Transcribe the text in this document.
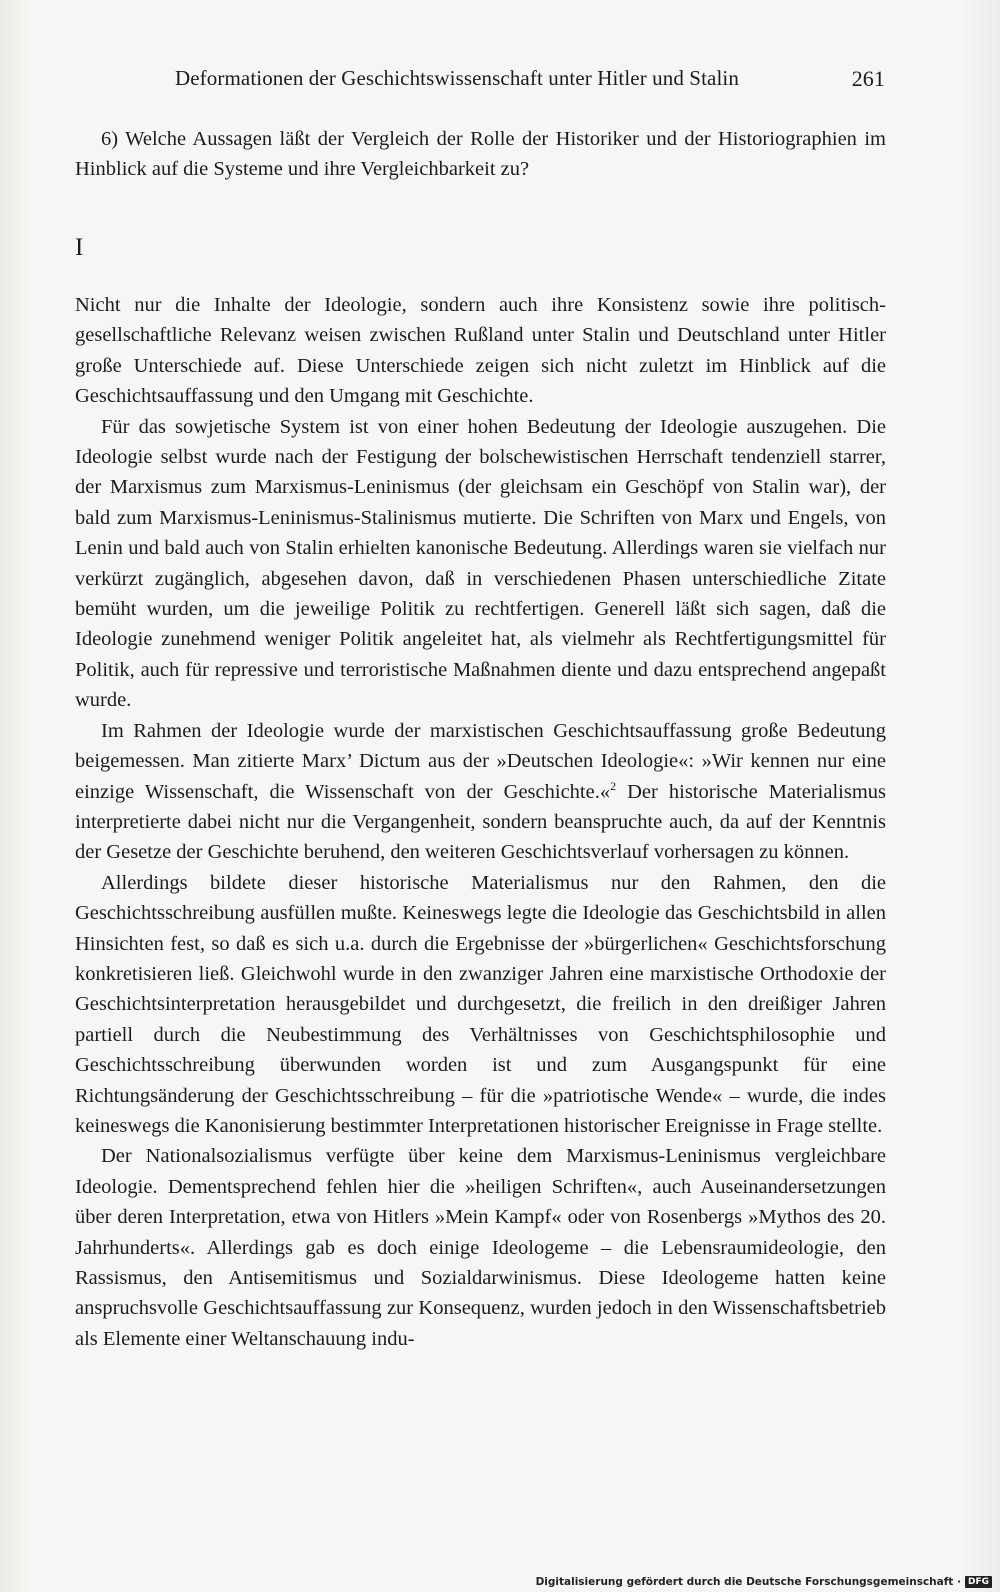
Deformationen der Geschichtswissenschaft unter Hitler und Stalin	261

6) Welche Aussagen läßt der Vergleich der Rolle der Historiker und der Historiographien im Hinblick auf die Systeme und ihre Vergleichbarkeit zu?

I

Nicht nur die Inhalte der Ideologie, sondern auch ihre Konsistenz sowie ihre politisch-gesellschaftliche Relevanz weisen zwischen Rußland unter Stalin und Deutschland unter Hitler große Unterschiede auf. Diese Unterschiede zeigen sich nicht zuletzt im Hinblick auf die Geschichtsauffassung und den Umgang mit Geschichte.

Für das sowjetische System ist von einer hohen Bedeutung der Ideologie auszugehen. Die Ideologie selbst wurde nach der Festigung der bolschewistischen Herrschaft tendenziell starrer, der Marxismus zum Marxismus-Leninismus (der gleichsam ein Geschöpf von Stalin war), der bald zum Marxismus-Leninismus-Stalinismus mutierte. Die Schriften von Marx und Engels, von Lenin und bald auch von Stalin erhielten kanonische Bedeutung. Allerdings waren sie vielfach nur verkürzt zugänglich, abgesehen davon, daß in verschiedenen Phasen unterschiedliche Zitate bemüht wurden, um die jeweilige Politik zu rechtfertigen. Generell läßt sich sagen, daß die Ideologie zunehmend weniger Politik angeleitet hat, als vielmehr als Rechtfertigungsmittel für Politik, auch für repressive und terroristische Maßnahmen diente und dazu entsprechend angepaßt wurde.

Im Rahmen der Ideologie wurde der marxistischen Geschichtsauffassung große Bedeutung beigemessen. Man zitierte Marx’ Dictum aus der »Deutschen Ideologie«: »Wir kennen nur eine einzige Wissenschaft, die Wissenschaft von der Geschichte.«$^2$ Der historische Materialismus interpretierte dabei nicht nur die Vergangenheit, sondern beanspruchte auch, da auf der Kenntnis der Gesetze der Geschichte beruhend, den weiteren Geschichtsverlauf vorhersagen zu können.

Allerdings bildete dieser historische Materialismus nur den Rahmen, den die Geschichtsschreibung ausfüllen mußte. Keineswegs legte die Ideologie das Geschichtsbild in allen Hinsichten fest, so daß es sich u.a. durch die Ergebnisse der »bürgerlichen« Geschichtsforschung konkretisieren ließ. Gleichwohl wurde in den zwanziger Jahren eine marxistische Orthodoxie der Geschichtsinterpretation herausgebildet und durchgesetzt, die freilich in den dreißiger Jahren partiell durch die Neubestimmung des Verhältnisses von Geschichtsphilosophie und Geschichtsschreibung überwunden worden ist und zum Ausgangspunkt für eine Richtungsänderung der Geschichtsschreibung – für die »patriotische Wende« – wurde, die indes keineswegs die Kanonisierung bestimmter Interpretationen historischer Ereignisse in Frage stellte.

Der Nationalsozialismus verfügte über keine dem Marxismus-Leninismus vergleichbare Ideologie. Dementsprechend fehlen hier die »heiligen Schriften«, auch Auseinandersetzungen über deren Interpretation, etwa von Hitlers »Mein Kampf« oder von Rosenbergs »Mythos des 20. Jahrhunderts«. Allerdings gab es doch einige Ideologeme – die Lebensraumideologie, den Rassismus, den Antisemitismus und Sozialdarwinismus. Diese Ideologeme hatten keine anspruchsvolle Geschichtsauffassung zur Konsequenz, wurden jedoch in den Wissenschaftsbetrieb als Elemente einer Weltanschauung indu-

Digitalisierung gefördert durch die Deutsche Forschungsgemeinschaft · DFG
